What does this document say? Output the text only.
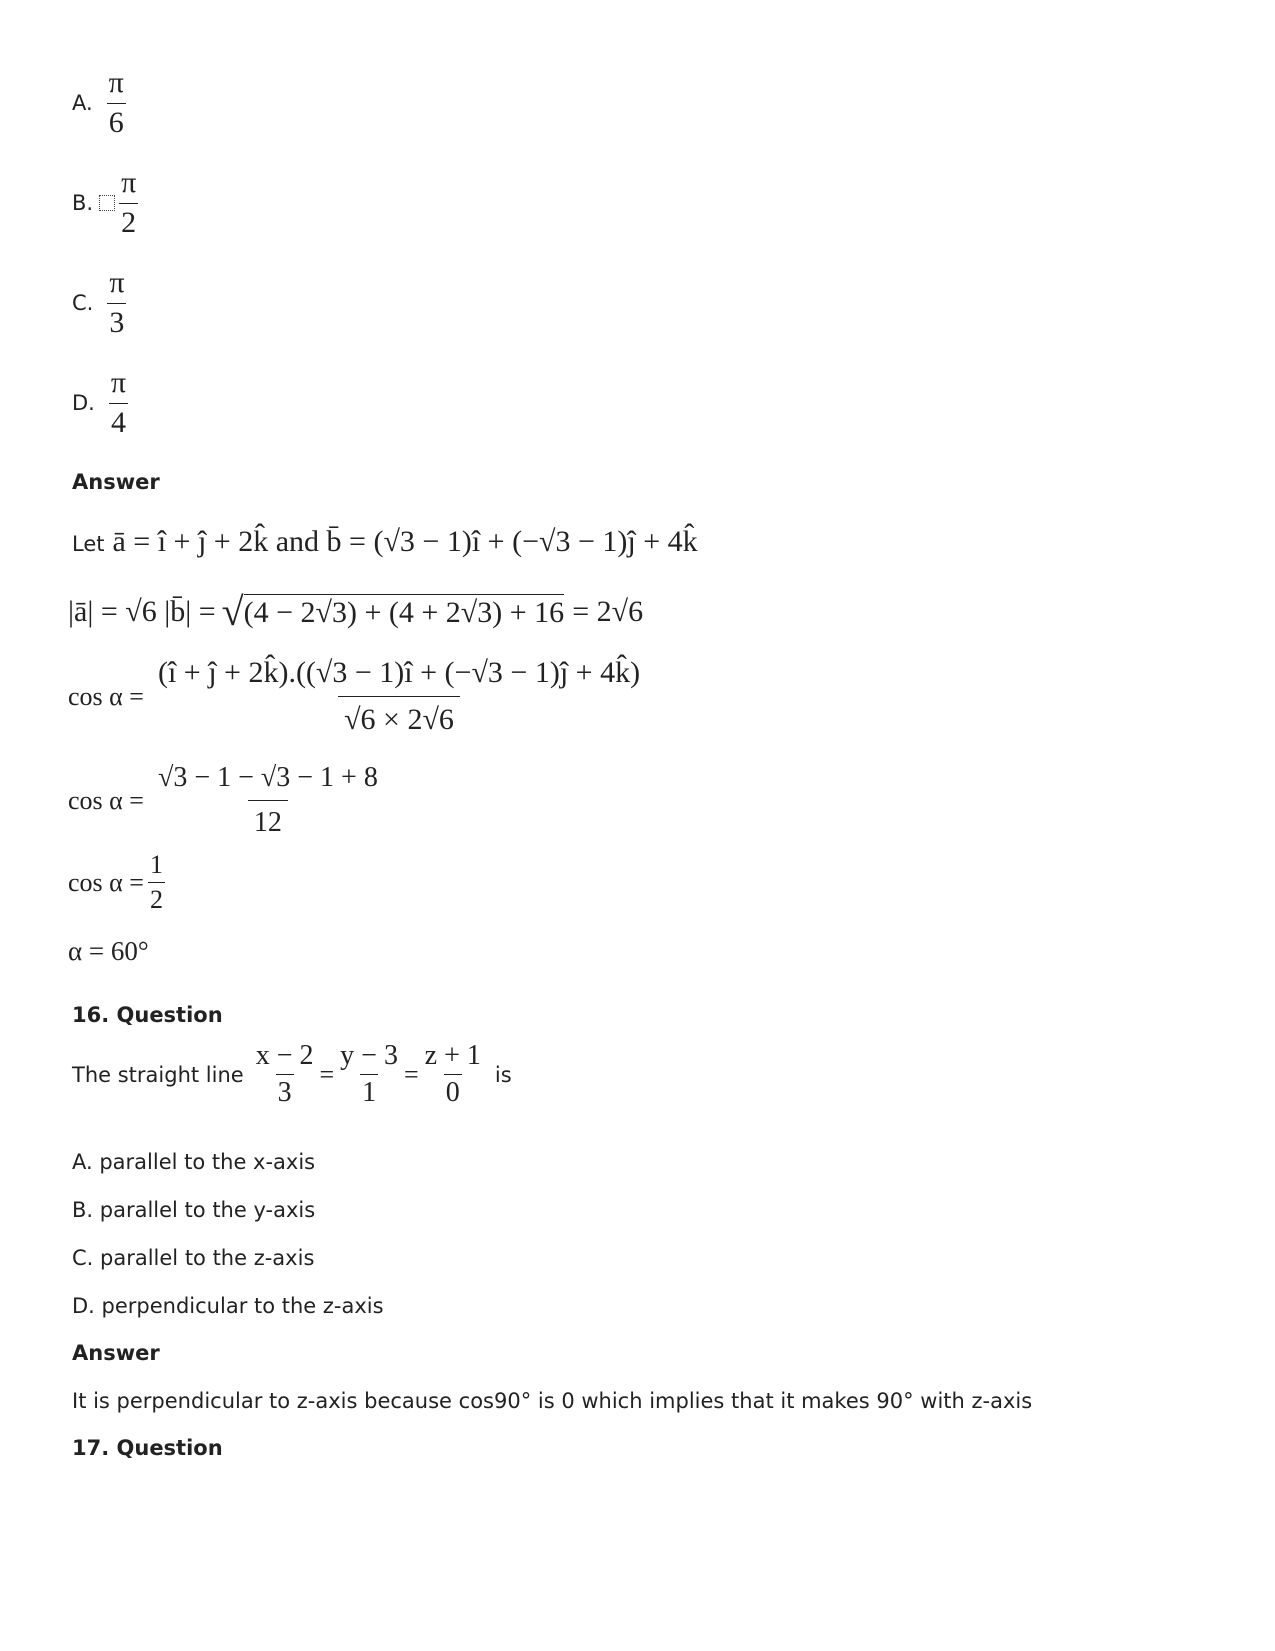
A. $\frac{\pi}{6}$
B. $\frac{\pi}{2}$
C. $\frac{\pi}{3}$
D. $\frac{\pi}{4}$
Answer
Let ā = î + ĵ + 2k̂ and b̄ = (√3 − 1)î + (−√3 − 1)ĵ + 4k̂
|ā| = √6 |b̄| = √ (4 − 2√3) + (4 + 2√3) + 16 = 2√6
$\cos \alpha = \frac{(î + ĵ + 2k̂).((√3 - 1)î + (-√3 - 1)ĵ + 4k̂)}{√6 \times 2√6}$
$\cos \alpha = \frac{√3 - 1 - √3 - 1 + 8}{12}$
$\cos \alpha = \frac{1}{2}$
α = 60°
16. Question
The straight line $\frac{x - 2}{3} = \frac{y - 3}{1} = \frac{z + 1}{0}$ is
A. parallel to the x-axis
B. parallel to the y-axis
C. parallel to the z-axis
D. perpendicular to the z-axis
Answer
It is perpendicular to z-axis because cos90° is 0 which implies that it makes 90° with z-axis
17. Question
